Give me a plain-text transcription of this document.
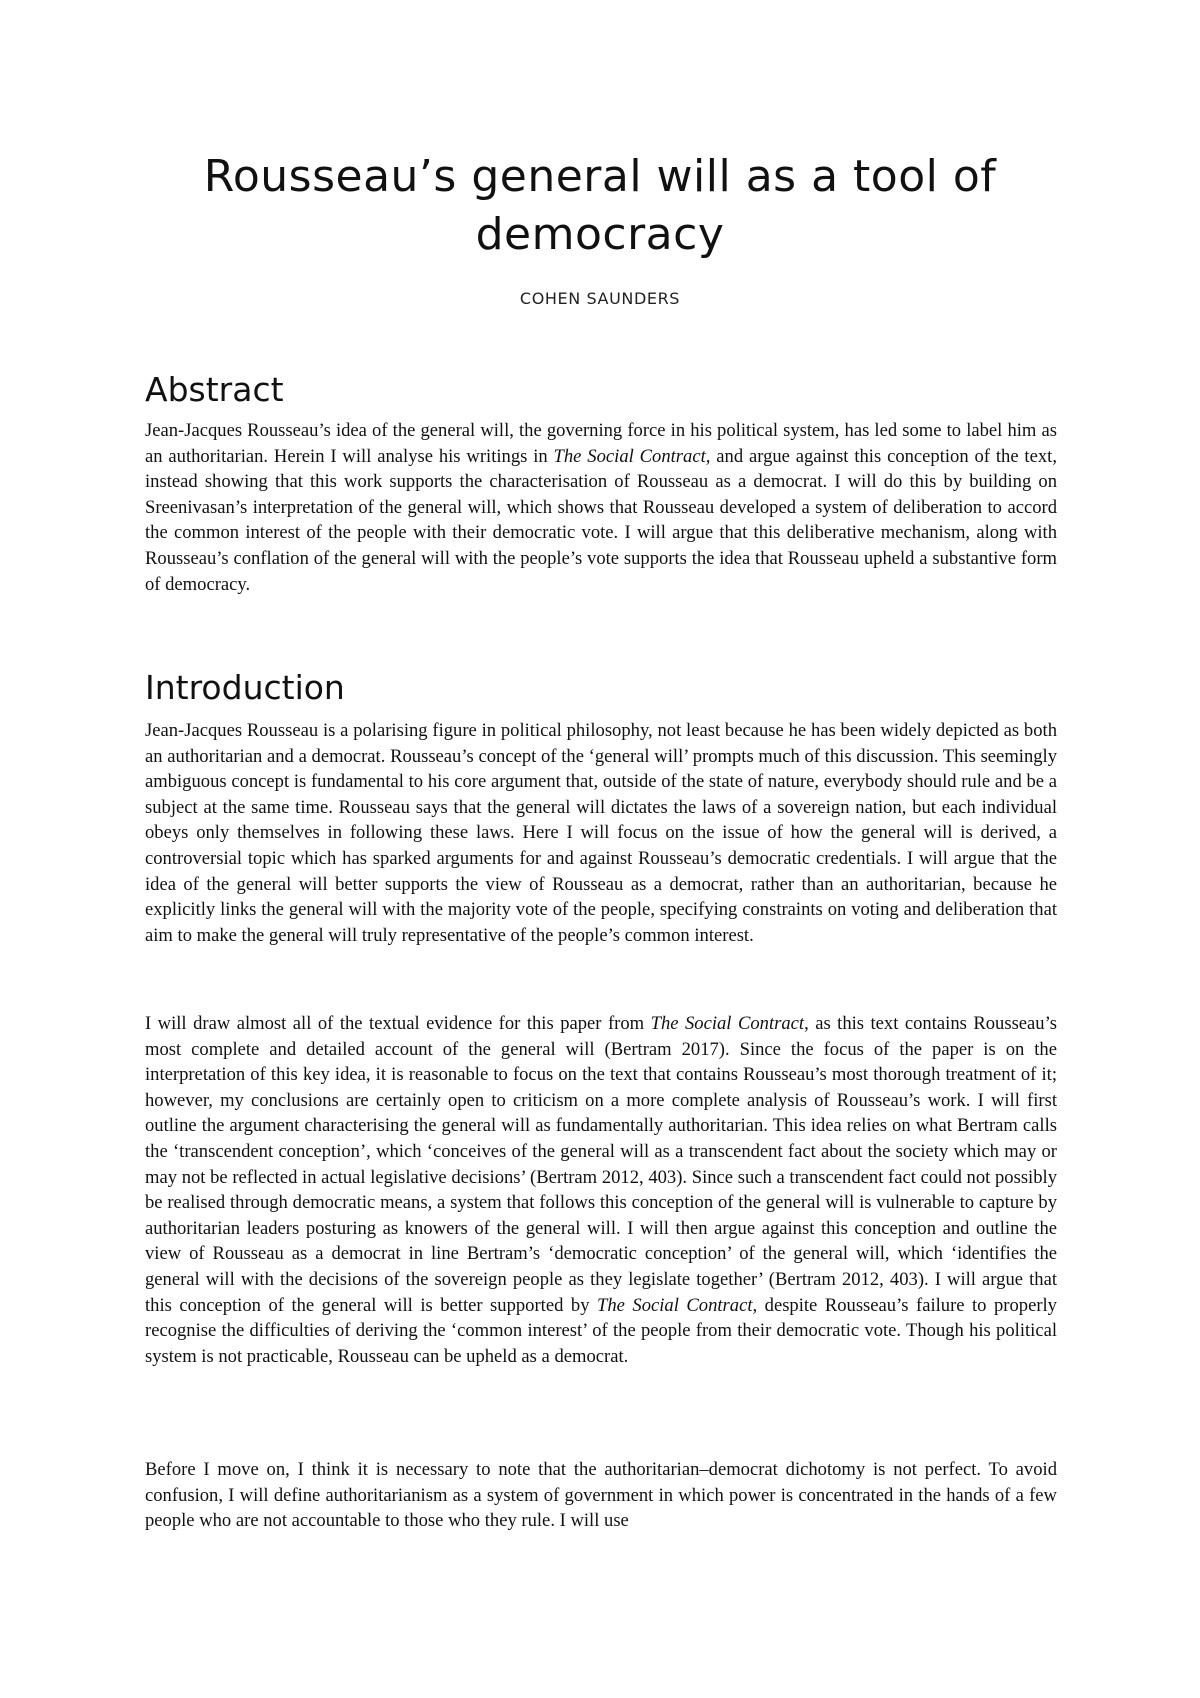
Rousseau’s general will as a tool of
democracy
COHEN SAUNDERS
Abstract

Jean-Jacques Rousseau’s idea of the general will, the governing force in his political system, has led some to label him as an authoritarian. Herein I will analyse his writings in The Social Contract, and argue against this conception of the text, instead showing that this work supports the characterisation of Rousseau as a democrat. I will do this by building on Sreenivasan’s interpretation of the general will, which shows that Rousseau developed a system of deliberation to accord the common interest of the people with their democratic vote. I will argue that this deliberative mechanism, along with Rousseau’s conflation of the general will with the people’s vote supports the idea that Rousseau upheld a substantive form of democracy.

Introduction

Jean-Jacques Rousseau is a polarising figure in political philosophy, not least because he has been widely depicted as both an authoritarian and a democrat. Rousseau’s concept of the ‘general will’ prompts much of this discussion. This seemingly ambiguous concept is fundamental to his core argument that, outside of the state of nature, everybody should rule and be a subject at the same time. Rousseau says that the general will dictates the laws of a sovereign nation, but each individual obeys only themselves in following these laws. Here I will focus on the issue of how the general will is derived, a controversial topic which has sparked arguments for and against Rousseau’s democratic credentials. I will argue that the idea of the general will better supports the view of Rousseau as a democrat, rather than an authoritarian, because he explicitly links the general will with the majority vote of the people, specifying constraints on voting and deliberation that aim to make the general will truly representative of the people’s common interest.

I will draw almost all of the textual evidence for this paper from The Social Contract, as this text contains Rousseau’s most complete and detailed account of the general will (Bertram 2017). Since the focus of the paper is on the interpretation of this key idea, it is reasonable to focus on the text that contains Rousseau’s most thorough treatment of it; however, my conclusions are certainly open to criticism on a more complete analysis of Rousseau’s work. I will first outline the argument characterising the general will as fundamentally authoritarian. This idea relies on what Bertram calls the ‘transcendent conception’, which ‘conceives of the general will as a transcendent fact about the society which may or may not be reflected in actual legislative decisions’ (Bertram 2012, 403). Since such a transcendent fact could not possibly be realised through democratic means, a system that follows this conception of the general will is vulnerable to capture by authoritarian leaders posturing as knowers of the general will. I will then argue against this conception and outline the view of Rousseau as a democrat in line Bertram’s ‘democratic conception’ of the general will, which ‘identifies the general will with the decisions of the sovereign people as they legislate together’ (Bertram 2012, 403). I will argue that this conception of the general will is better supported by The Social Contract, despite Rousseau’s failure to properly recognise the difficulties of deriving the ‘common interest’ of the people from their democratic vote. Though his political system is not practicable, Rousseau can be upheld as a democrat.

Before I move on, I think it is necessary to note that the authoritarian–democrat dichotomy is not perfect. To avoid confusion, I will define authoritarianism as a system of government in which power is concentrated in the hands of a few people who are not accountable to those who they rule. I will use
